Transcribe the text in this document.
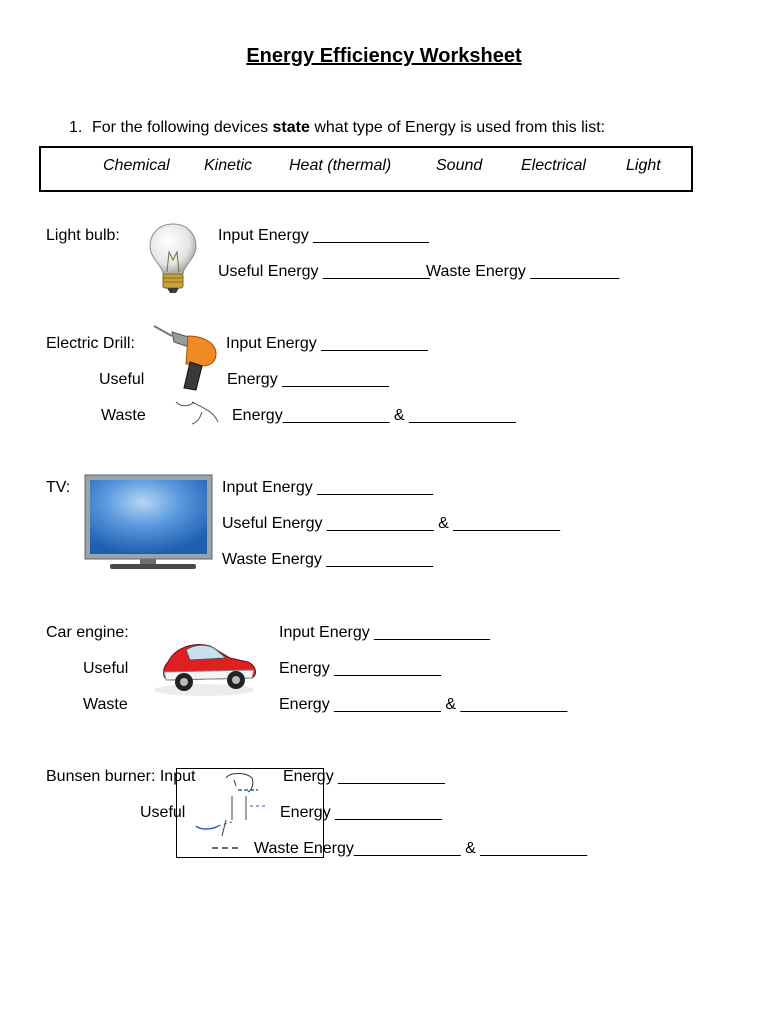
Energy Efficiency Worksheet
1. For the following devices state what type of Energy is used from this list:
Chemical Kinetic Heat (thermal)	Sound Electrical	Light
Light bulb:	Input Energy _____________
Useful Energy ____________
Waste Energy __________
Electric Drill:	Input Energy ____________
Useful	Energy ____________
Waste	Energy____________ & ____________
TV:	Input Energy _____________
Useful Energy ____________ & ____________
Waste Energy ____________
Car engine:	Input Energy _____________
Useful	Energy ____________
Waste	Energy ____________ & ____________
Bunsen burner: Input	Energy ____________
Useful	Energy ____________
Waste Energy____________ & ____________
